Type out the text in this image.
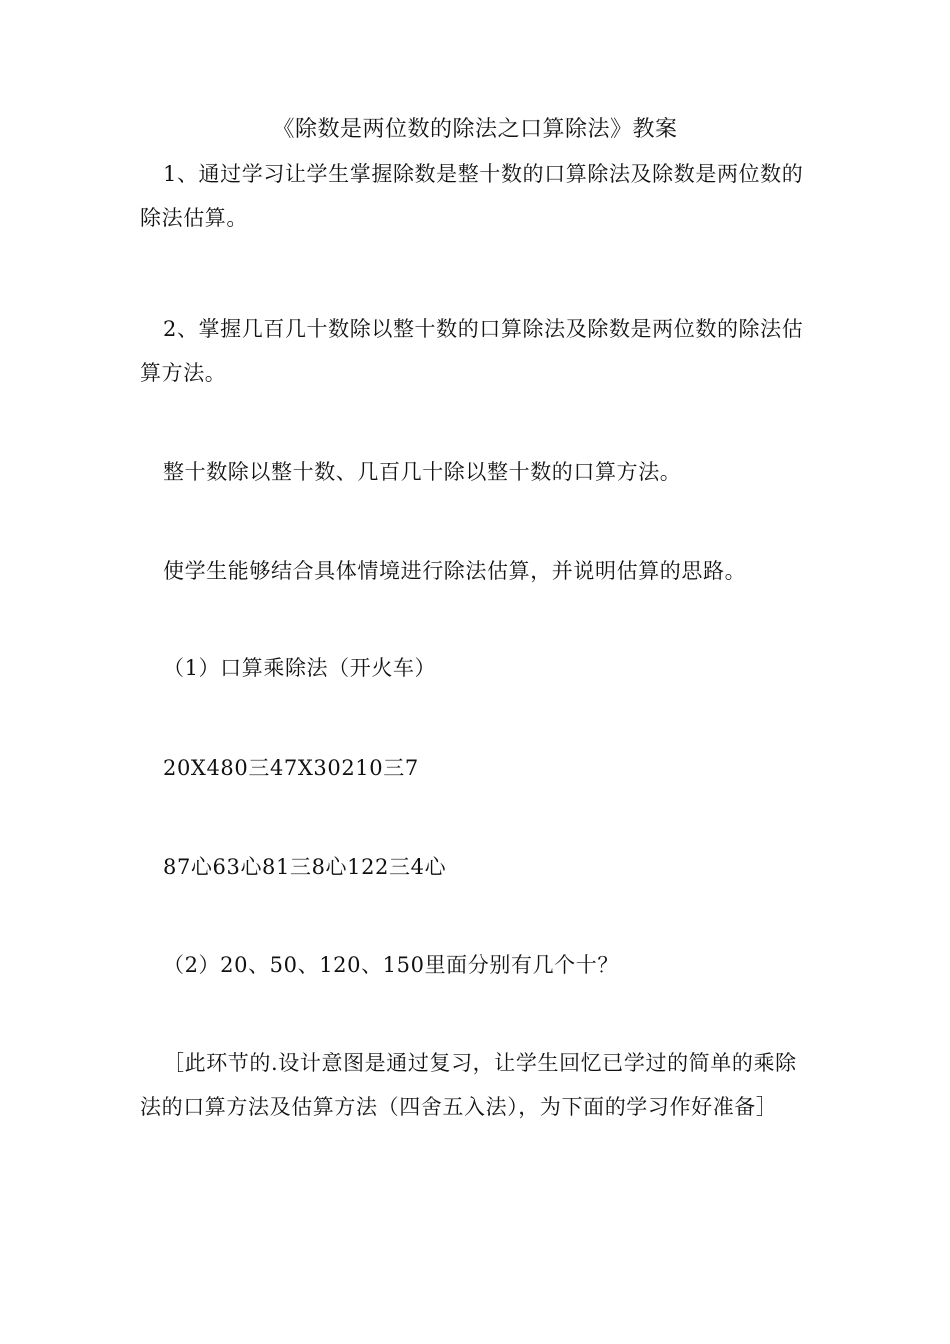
《除数是两位数的除法之口算除法》教案

1、通过学习让学生掌握除数是整十数的口算除法及除数是两位数的除法估算。

2、掌握几百几十数除以整十数的口算除法及除数是两位数的除法估算方法。

整十数除以整十数、几百几十除以整十数的口算方法。

使学生能够结合具体情境进行除法估算，并说明估算的思路。

（1）口算乘除法（开火车）

20X480三47X30210三7

87心63心81三8心122三4心

（2）20、50、120、150里面分别有几个十？

［此环节的.设计意图是通过复习，让学生回忆已学过的简单的乘除法的口算方法及估算方法（四舍五入法），为下面的学习作好准备］
